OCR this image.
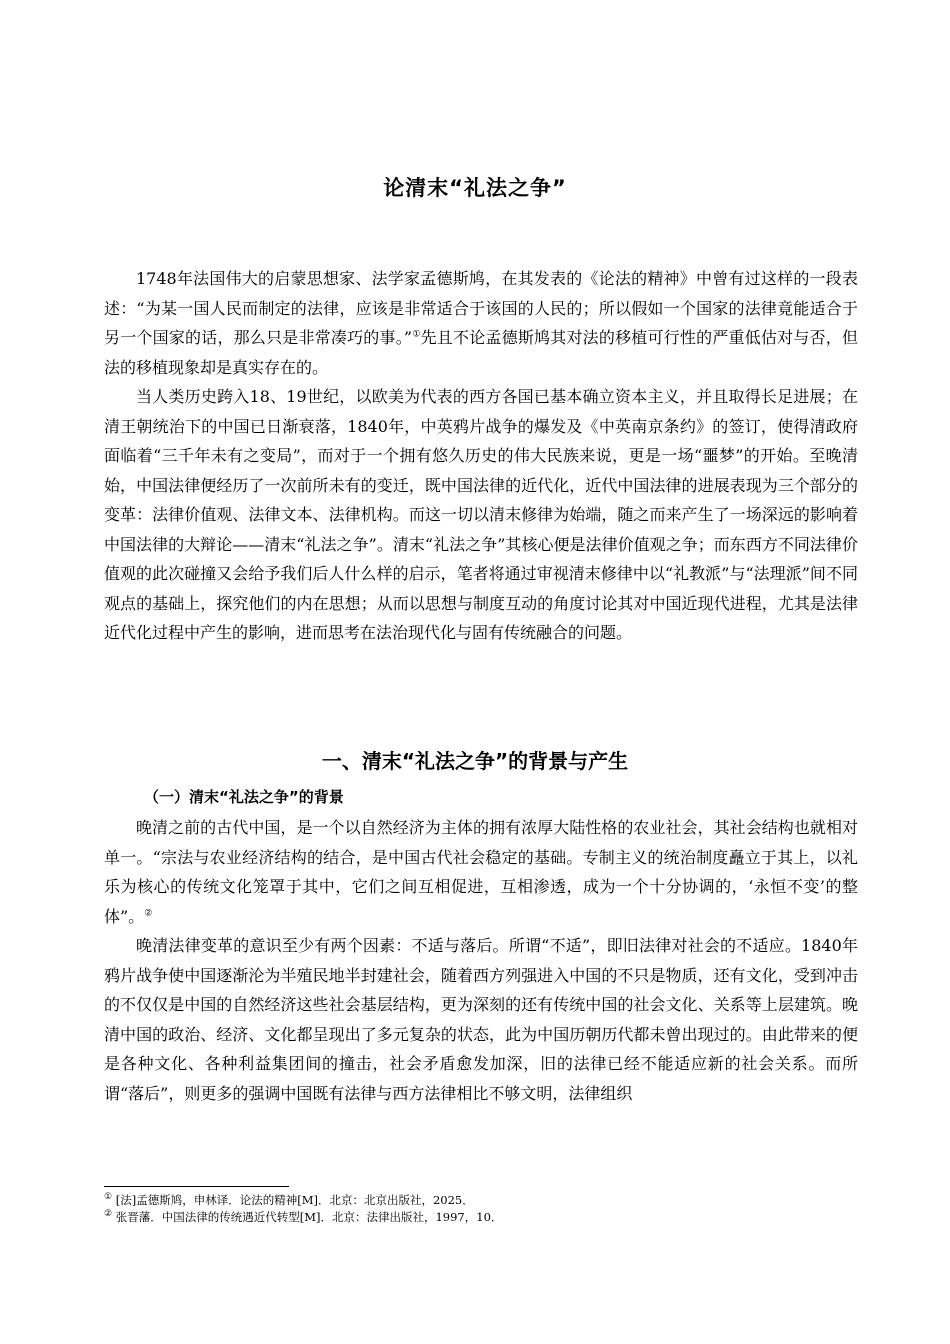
论清末“礼法之争”

1748年法国伟大的启蒙思想家、法学家孟德斯鸠，在其发表的《论法的精神》中曾有过这样的一段表述：“为某一国人民而制定的法律，应该是非常适合于该国的人民的；所以假如一个国家的法律竟能适合于另一个国家的话，那么只是非常凑巧的事。”①先且不论孟德斯鸠其对法的移植可行性的严重低估对与否，但法的移植现象却是真实存在的。

当人类历史跨入18、19世纪，以欧美为代表的西方各国已基本确立资本主义，并且取得长足进展；在清王朝统治下的中国已日渐衰落，1840年，中英鸦片战争的爆发及《中英南京条约》的签订，使得清政府面临着“三千年未有之变局”，而对于一个拥有悠久历史的伟大民族来说，更是一场“噩梦”的开始。至晚清始，中国法律便经历了一次前所未有的变迁，既中国法律的近代化，近代中国法律的进展表现为三个部分的变革：法律价值观、法律文本、法律机构。而这一切以清末修律为始端，随之而来产生了一场深远的影响着中国法律的大辩论——清末“礼法之争”。清末“礼法之争”其核心便是法律价值观之争；而东西方不同法律价值观的此次碰撞又会给予我们后人什么样的启示，笔者将通过审视清末修律中以“礼教派”与“法理派”间不同观点的基础上，探究他们的内在思想；从而以思想与制度互动的角度讨论其对中国近现代进程，尤其是法律近代化过程中产生的影响，进而思考在法治现代化与固有传统融合的问题。

一、清末“礼法之争”的背景与产生
（一）清末“礼法之争”的背景

晚清之前的古代中国，是一个以自然经济为主体的拥有浓厚大陆性格的农业社会，其社会结构也就相对单一。“宗法与农业经济结构的结合，是中国古代社会稳定的基础。专制主义的统治制度矗立于其上，以礼乐为核心的传统文化笼罩于其中，它们之间互相促进，互相渗透，成为一个十分协调的，‘永恒不变’的整体”。②

晚清法律变革的意识至少有两个因素：不适与落后。所谓“不适”，即旧法律对社会的不适应。1840年鸦片战争使中国逐渐沦为半殖民地半封建社会，随着西方列强进入中国的不只是物质，还有文化，受到冲击的不仅仅是中国的自然经济这些社会基层结构，更为深刻的还有传统中国的社会文化、关系等上层建筑。晚清中国的政治、经济、文化都呈现出了多元复杂的状态，此为中国历朝历代都未曾出现过的。由此带来的便是各种文化、各种利益集团间的撞击，社会矛盾愈发加深，旧的法律已经不能适应新的社会关系。而所谓“落后”，则更多的强调中国既有法律与西方法律相比不够文明，法律组织

① [法]孟德斯鸠，申林译．论法的精神[M]．北京：北京出版社，2025．
② 张晋藩．中国法律的传统遇近代转型[M]．北京：法律出版社，1997，10．
